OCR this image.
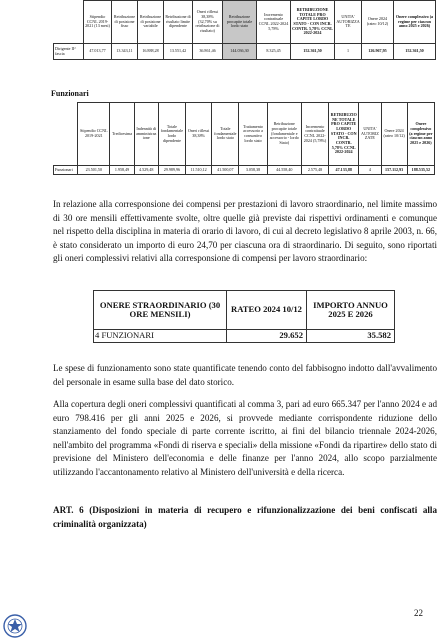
	Stipendio CCNL 2019-2021 (13 mesi)	Retribuzione di posizione fisso	Retribuzione di posizione variabile	Retribuzione di risultato limite dipendente	Oneri riflessi 38,38% (32,70% su retribuzione di risultato)	Retribuzione procapite totale lordo stato	Incremento contrattuale CCNL 2022-2024 5,78%	RETRIBUZIONE TOTALE PRO CAPITE LORDO STATO - CON INCR. CONTR. 5,78% CCNL 2022-2024	UNITA' AUTORIZZATE	Onere 2024 (rateo 10/12)	Onere complessivo (a regime per ciascun anno 2025 e 2026)
Dirigente II^ fascia	47.013,77	13.343,11	16.888,28	13.551,42	36.861,46	144.036,30	8.325,45	152.361,50	1	126.967,95	152.361,50
Funzionari
	Stipendio CCNL 2019-2021	Tredicesima	Indennità di amministrazione	Totale fondamentale lordo dipendente	Oneri riflessi 38,38%	Totale fondamentale lordo stato	Trattamento accessorio a consuntivo lordo stato	Retribuzione procapite totale (fondamentale e accessorio - lordo Stato)	Incremento contrattuale CCNL 2022-2024 (5,78%)	RETRIBUZIONE TOTALE PRO CAPITE LORDO STATO - CON INCR. CONTR. 5,78% CCNL 2022-2024	UNITA' AUTORIZZATE	Onere 2024 (rateo 10/12)	Onere complessivo (a regime per ciascun anno 2025 e 2026)
Funzionari	23.501,50	1.958,49	4.529,48	29.989,96	11.510,12	41.500,07	3.058,38	44.558,40	2.575,48	47.133,88	4	157.112,93	188.535,52

In relazione alla corresponsione dei compensi per prestazioni di lavoro straordinario, nel limite massimo di 30 ore mensili effettivamente svolte, oltre quelle già previste dai rispettivi ordinamenti e comunque nel rispetto della disciplina in materia di orario di lavoro, di cui al decreto legislativo 8 aprile 2003, n. 66, è stato considerato un importo di euro 24,70 per ciascuna ora di straordinario. Di seguito, sono riportati gli oneri complessivi relativi alla corresponsione di compensi per lavoro straordinario:

ONERE STRAORDINARIO (30 ORE MENSILI)	RATEO 2024 10/12	IMPORTO ANNUO 2025 E 2026
4 FUNZIONARI	29.652	35.582

Le spese di funzionamento sono state quantificate tenendo conto del fabbisogno indotto dall'avvalimento del personale in esame sulla base del dato storico.

Alla copertura degli oneri complessivi quantificati al comma 3, pari ad euro 665.347 per l'anno 2024 e ad euro 798.416 per gli anni 2025 e 2026, si provvede mediante corrispondente riduzione dello stanziamento del fondo speciale di parte corrente iscritto, ai fini del bilancio triennale 2024-2026, nell'ambito del programma «Fondi di riserva e speciali» della missione «Fondi da ripartire» dello stato di previsione del Ministero dell'economia e delle finanze per l'anno 2024, allo scopo parzialmente utilizzando l'accantonamento relativo al Ministero dell'università e della ricerca.

ART. 6 (Disposizioni in materia di recupero e rifunzionalizzazione dei beni confiscati alla criminalità organizzata)

22
